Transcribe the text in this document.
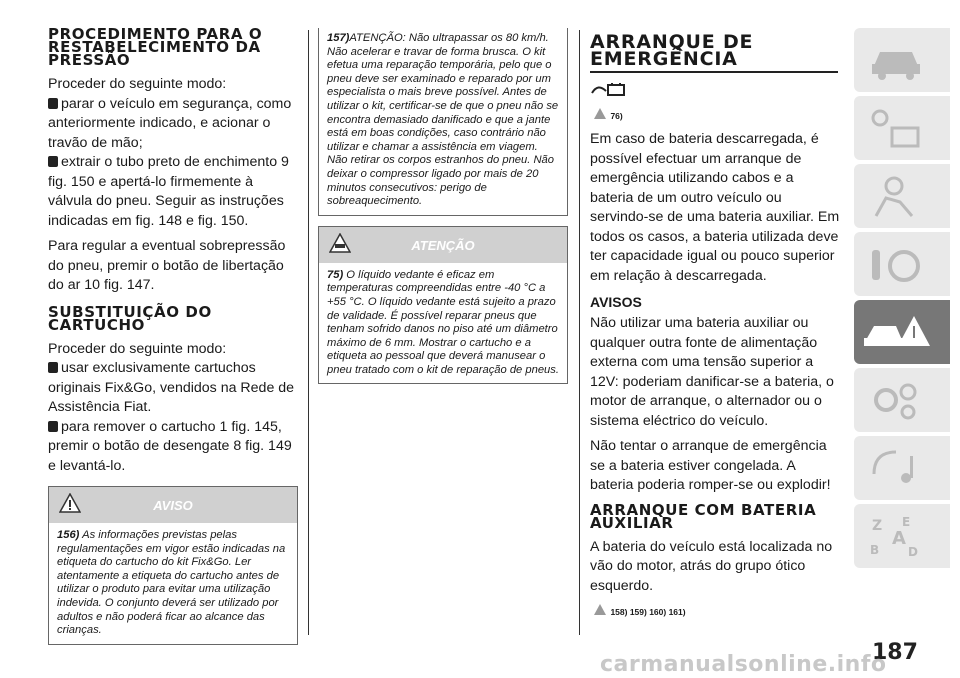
PROCEDIMENTO PARA O RESTABELECIMENTO DA PRESSÃO

Proceder do seguinte modo:

parar o veículo em segurança, como anteriormente indicado, e acionar o travão de mão;

extrair o tubo preto de enchimento 9 fig. 150 e apertá-lo firmemente à válvula do pneu. Seguir as instruções indicadas em fig. 148 e fig. 150.

Para regular a eventual sobrepressão do pneu, premir o botão de libertação do ar 10 fig. 147.

SUBSTITUIÇÃO DO CARTUCHO

Proceder do seguinte modo:

usar exclusivamente cartuchos originais Fix&Go, vendidos na Rede de Assistência Fiat.

para remover o cartucho 1 fig. 145, premir o botão de desengate 8 fig. 149 e levantá-lo.

AVISO
156) As informações previstas pelas regulamentações em vigor estão indicadas na etiqueta do cartucho do kit Fix&Go. Ler atentamente a etiqueta do cartucho antes de utilizar o produto para evitar uma utilização indevida. O conjunto deverá ser utilizado por adultos e não poderá ficar ao alcance das crianças.
157)ATENÇÃO: Não ultrapassar os 80 km/h. Não acelerar e travar de forma brusca. O kit efetua uma reparação temporária, pelo que o pneu deve ser examinado e reparado por um especialista o mais breve possível. Antes de utilizar o kit, certificar-se de que o pneu não se encontra demasiado danificado e que a jante está em boas condições, caso contrário não utilizar e chamar a assistência em viagem. Não retirar os corpos estranhos do pneu. Não deixar o compressor ligado por mais de 20 minutos consecutivos: perigo de sobreaquecimento.
ATENÇÃO
75) O líquido vedante é eficaz em temperaturas compreendidas entre -40 °C a +55 °C. O líquido vedante está sujeito a prazo de validade. É possível reparar pneus que tenham sofrido danos no piso até um diâmetro máximo de 6 mm. Mostrar o cartucho e a etiqueta ao pessoal que deverá manusear o pneu tratado com o kit de reparação de pneus.
ARRANQUE DE EMERGÊNCIA
76)

Em caso de bateria descarregada, é possível efectuar um arranque de emergência utilizando cabos e a bateria de um outro veículo ou servindo-se de uma bateria auxiliar. Em todos os casos, a bateria utilizada deve ter capacidade igual ou pouco superior em relação à descarregada.

AVISOS

Não utilizar uma bateria auxiliar ou qualquer outra fonte de alimentação externa com uma tensão superior a 12V: poderiam danificar-se a bateria, o motor de arranque, o alternador ou o sistema eléctrico do veículo.

Não tentar o arranque de emergência se a bateria estiver congelada. A bateria poderia romper-se ou explodir!

ARRANQUE COM BATERIA AUXILIAR

A bateria do veículo está localizada no vão do motor, atrás do grupo ótico esquerdo.

158) 159) 160) 161)
Z E
B
A
D
187
carmanualsonline.info
